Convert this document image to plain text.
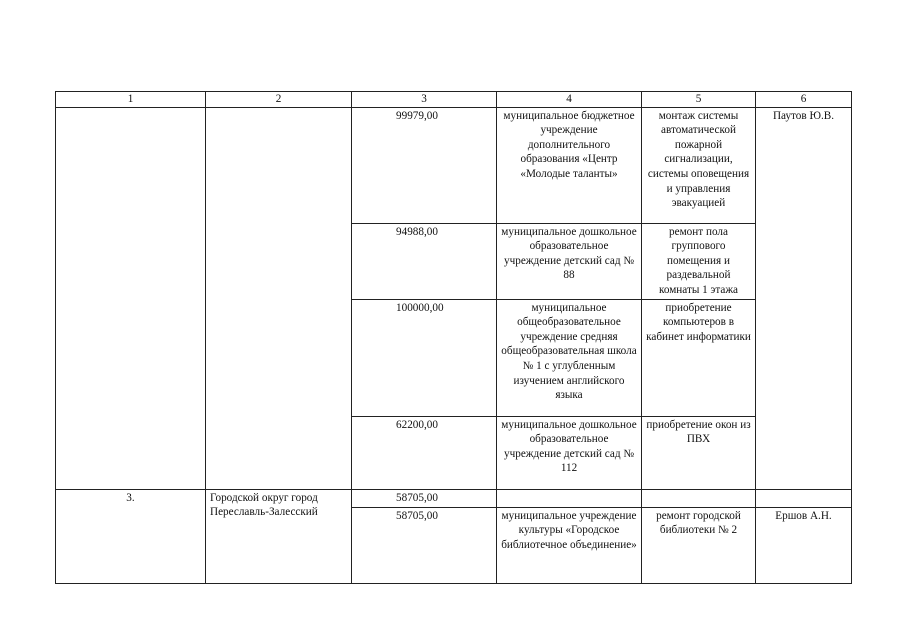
1	2	3	4	5	6
		99979,00	муниципальное бюджетное учреждение дополнительного образования «Центр «Молодые таланты»	монтаж системы автоматической пожарной сигнализации, системы оповещения и управления эвакуацией	Паутов Ю.В.
		94988,00	муниципальное дошкольное образовательное учреждение детский сад № 88	ремонт пола группового помещения и раздевальной комнаты 1 этажа	
		100000,00	муниципальное общеобразовательное учреждение средняя общеобразовательная школа № 1 с углубленным изучением английского языка	приобретение компьютеров в кабинет информатики	
		62200,00	муниципальное дошкольное образовательное учреждение детский сад № 112	приобретение окон из ПВХ	
3.	Городской округ город Переславль-Залесский	58705,00			
		58705,00	муниципальное учреждение культуры «Городское библиотечное объединение»	ремонт городской библиотеки № 2	Ершов А.Н.
